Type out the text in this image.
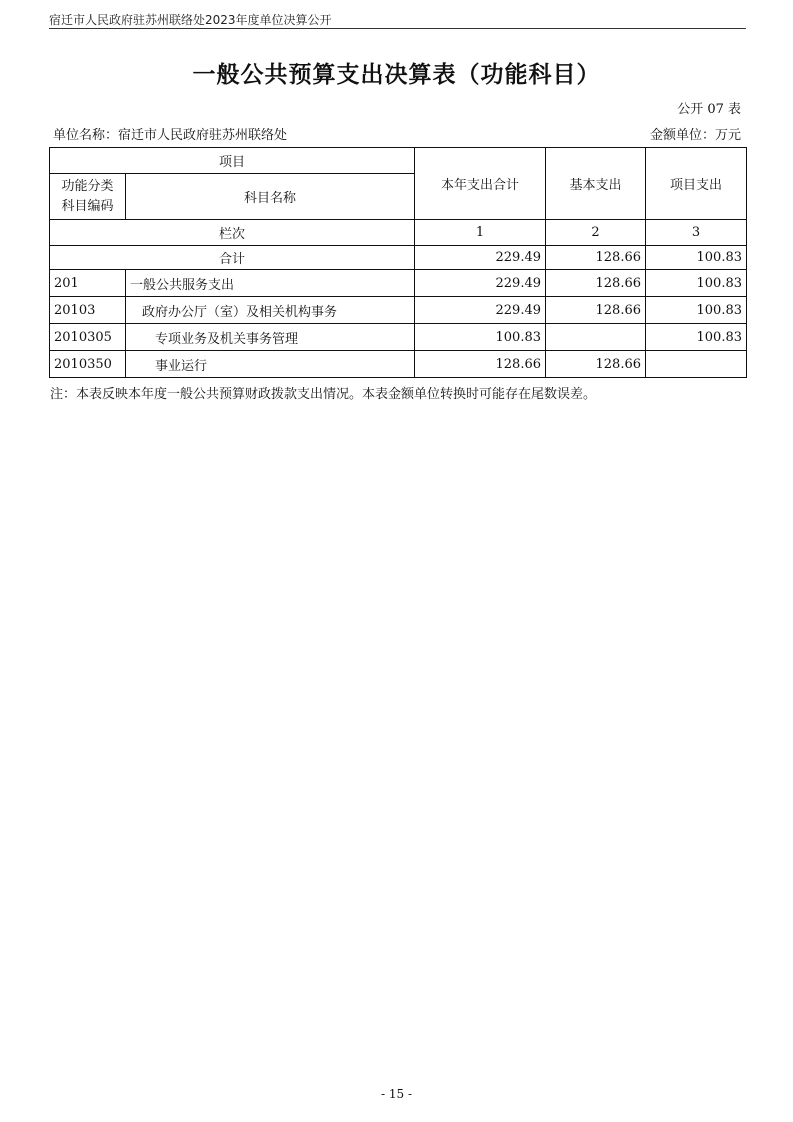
宿迁市人民政府驻苏州联络处2023年度单位决算公开
一般公共预算支出决算表（功能科目）
公开 07 表
单位名称：宿迁市人民政府驻苏州联络处	金额单位：万元
项目		本年支出合计	基本支出	项目支出

功能分类
科目编码	科目名称			
栏次		1	2	3
合计		229.49	128.66	100.83
201	一般公共服务支出	229.49	128.66	100.83
20103	政府办公厅（室）及相关机构事务	229.49	128.66	100.83
2010305	专项业务及机关事务管理	100.83		100.83
2010350	事业运行	128.66	128.66	
注：本表反映本年度一般公共预算财政拨款支出情况。本表金额单位转换时可能存在尾数误差。
- 15 -
